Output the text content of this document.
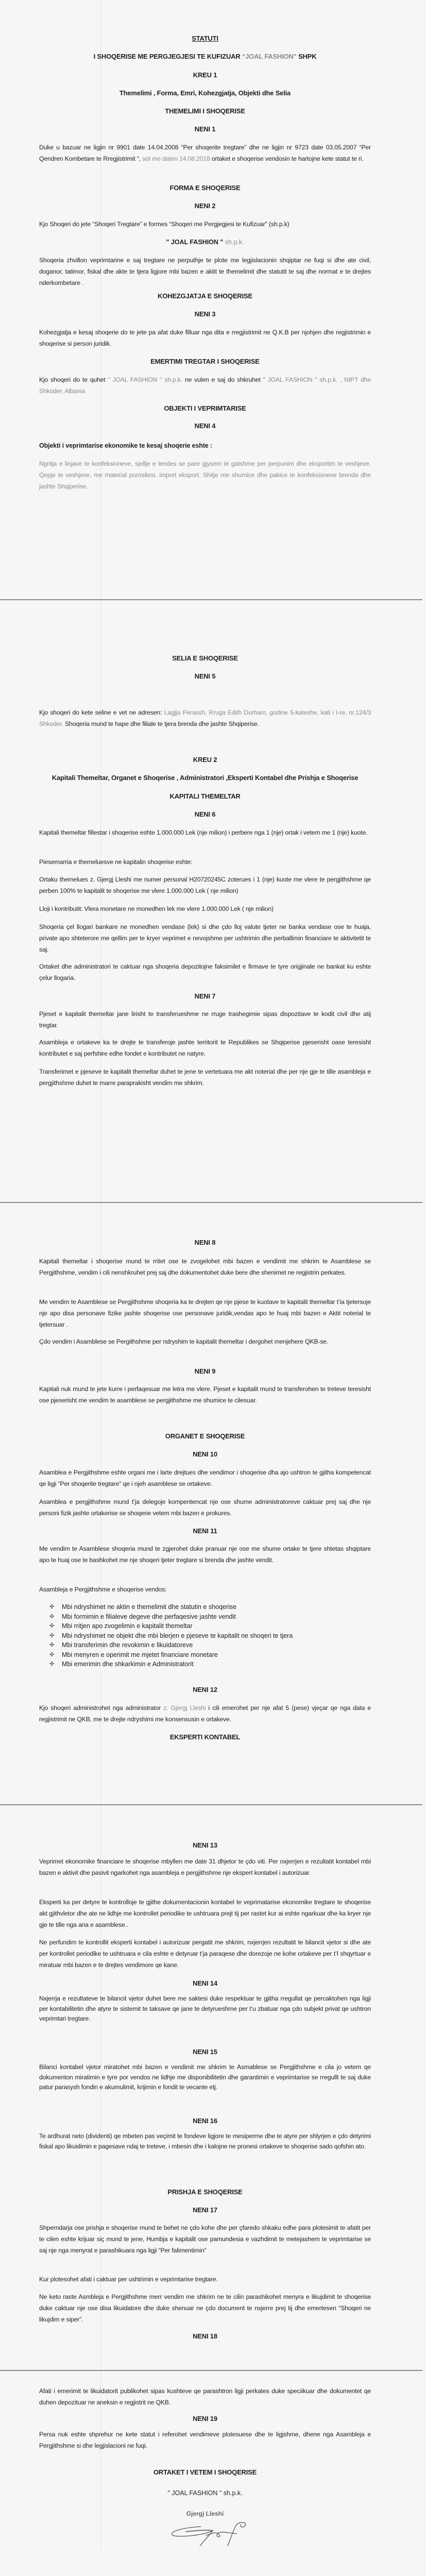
STATUTI
I SHOQERISE ME PERGJEGJESI TE KUFIZUAR “JOAL FASHION" SHPK
KREU 1
Themelimi , Forma, Emri, Kohezgjatja, Objekti dhe Selia
THEMELIMI I SHOQERISE
NENI 1
Duke u bazuar ne ligjin nr 9901 date 14.04.2008 “Per shoqerite tregtare” dhe ne ligjin nr 9723 date 03.05.2007 “Per Qendren Kombetare te Rregjistrimit “, sot me daten 14.08.2018 ortaket e shoqerise vendosin te hartojne kete statut te ri.
FORMA E SHOQERISE
NENI 2
Kjo Shoqeri do jete “Shoqeri Tregtare” e formes “Shoqeri me Pergjegjesi te Kufizuar" (sh.p.k)
" JOAL FASHION " sh.p.k.
Shoqeria zhvillon veprimtarine e saj tregtare ne perputhje te plote me legjislacionin shqiptar ne fuqi si dhe ate civil, doganor, tatimor, fiskal dhe akte te tjera ligjore mbi bazen e aktit te themelimit dhe statutit te saj dhe normat e te drejtes nderkombetare .
KOHEZGJATJA E SHOQERISE
NENI 3
Kohezgjatja e kesaj shoqerie do te jete pa afat duke filluar nga dita e rregjistrimit ne Q.K.B per njohjen dhe regjistrimin e shoqerise si person juridik.
EMERTIMI TREGTAR I SHOQERISE
Kjo shoqeri do te quhet " JOAL FASHION " sh.p.k. ne vulen e saj do shkruhet " JOAL FASHION " sh.p.k. , NIPT dhe Shkoder, Albania
OBJEKTI I VEPRIMTARISE
NENI 4
Objekti i veprimtarise ekonomike te kesaj shoqerie eshte :
Ngritja e linjave te konfeksioneve, sjellje e lendes se pare gjysem te gatshme per perpunim dhe eksportim te veshjeve. Qepje te veshjeve, me material porositesi, import eksport. Shitje me shumice dhe pakice te konfeksioneve brenda dhe jashte Shqiperise.
SELIA E SHOQERISE
NENI 5
Kjo shoqeri do kete seline e vet ne adresen: Lagjja Perassh, Rruga Edith Durham, godine 5-kateshe, kati i I-re, nr.124/3 Shkoder. Shoqeria mund te hape dhe filiale te tjera brenda dhe jashte Shqiperise.
KREU 2
Kapitali Themeltar, Organet e Shoqerise , Administratori ,Eksperti Kontabel dhe Prishja e Shoqerise
KAPITALI THEMELTAR
NENI 6
Kapitali themeltar fillestar i shoqerise eshte 1.000.000 Lek (nje milion) i perbere nga 1 (nje) ortak i vetem me 1 (nje) kuote.
Piesemarria e themeluesve ne kapitalin shoqerise eshte:
Ortaku themelues z. Gjergj Lleshi me numer personal H20720245C zoterues i 1 (nje) kuote me vlere te pergjithshme qe perben 100% te kapitalit te shoqerise me vlere 1.000.000 Lek ( nje milion)
Lloji i kontributit: Vlera monetare ne monedhen lek me vlere 1.000.000 Lek ( nje milion)
Shoqeria çel llogari bankare ne monedhen vendase (lek) si dhe çdo lloj valute tjeter ne banka vendase ose te huaja, private apo shteterore me qellim per te kryer veprimet e nevojshme per ushtrimin dhe perballimin financiare te aktivitetit te saj.
Ortaket dhe administratori te caktuar nga shoqeria depozitojne faksimilet e firmave te tyre origjinale ne bankat ku eshte çelur llogaria.
NENI 7
Pjeset e kapitalit themeltar jane lirisht te transferueshme ne rruge trashegimie sipas dispozitave te kodit civil dhe atij tregtar.
Asambleja e ortakeve ka te drejte te transferoje jashte territorit te Republikes se Shqiperise pjeserisht oase teresisht kontributet e saj perfshire edhe fondet e kontributet ne natyre.
Transferimet e pjeseve te kapitalit themeltar duhet te jene te vertetuara me akt noterial dhe per nje gje te tille asambleja e pergjithshme duhet te marre paraprakisht vendim me shkrim.
NENI 8
Kapitali themeltar i shoqerise mund te rritet ose te zvogelohet mbi bazen e vendimit me shkrim te Asamblese se Pergjithshme, vendim i cili nenshkruhet prej saj dhe dokumentohet duke bere dhe shenimet ne regjistrin perkates.
Me vendim te Asamblese se Pergjithshme shoqeria ka te drejten qe nje pjese te kuotave te kapitalit themeltar t’ia tjetersoje nje apo disa personave fizike jashte shoqerise ose personave juridik,vendas apo te huaj mbi bazen e Aktit noterial te tjetersuar .
Çdo vendim i Asamblese se Pergithshme per ndryshim te kapitalit themeltar i dergohet menjehere QKB-se.
NENI 9
Kapitali nuk mund te jete kurre i perfaqesuar me letra me vlere. Pjeset e kapitalit mund te transferohen te treteve teresisht ose pjeserisht me vendim te asamblese se pergjithshme me shumice te cilesuar.
ORGANET E SHOQERISE
NENI 10
Asamblea e Pergjithshme eshte organi me i larte drejtues dhe vendimor i shoqerise dha ajo ushtron te gjitha kompetencat qe ligji “Per shoqerite tregtare" qe i njeh asamblese se ortakeve.
Asamblea e pergjithshme mund t’ja delegoje kompentencat nje ose shume administratoreve caktuar prej saj dhe nje personi fizik jashte ortakerise se shoqerie vetem mbi bazen e prokures.
NENI 11
Me vendim te Asamblese shoqeria mund te zgjerohet duke pranuar nje ose me shume ortake te tjere shtetas shqiptare apo te huaj ose te bashkohet me nje shoqeri tjeter tregtare si brenda dhe jashte vendit.
Asambleja e Pergjithshme e shoqerise vendos:
✣ Mbi ndryshimet ne aktin e themelimit dhe statutin e shoqerise
✣ Mbi formimin e filialeve degeve dhe perfaqesive jashte vendit
✣ Mbi rritjen apo zvogelimin e kapitalit themeltar
✣ Mbi ndryshimet ne objekt dhe mbi blerjen e pjeseve te kapitalit ne shoqeri te tjera
✣ Mbi transferimin dhe revokimin e likuidatoreve
✣ Mbi menyren e operimit me mjetet financiare monetare
✣ Mbi emerimin dhe shkarkimin e Administratorit
NENI 12
Kjo shoqeri administrohet nga administrator z. Gjergj Lleshi i cili emerohet per nje afat 5 (pese) vjeçar qe nga data e regjistrimit ne QKB, me te drejte ndryshimi me konsensusin e ortakeve.
EKSPERTI KONTABEL
NENI 13
Veprimet ekonomike financiare te shoqerise mbyllen me date 31 dhjetor te çdo viti. Per nxjerrjen e rezultatit kontabel mbi bazen e aktivit dhe pasivit ngarkohet nga asambleja e pergjithshme nje ekspert kontabel i autorizuar.
Eksperti ka per detyre te kontrolloje te gjithe dokumentacionin kontabel te veprimatarise ekonomike tregtare te shoqerise akt gjithvletor dhe ate ne lidhje me kontrollet periodike te ushtruara prejt tij per rastet kur ai eshte ngarkuar dhe ka kryer nje gje te tille nga ana e asamblese..
Ne perfundim te kontrollit eksperti kontabel i autorizuar pergatit me shkrim, nxjerrjen rezultatit te bilancit vjetor si dhe ate per kontrollet periodike te ushtruara e cila eshte e detyruar t’ja paraqese dhe dorezoje ne kohe ortakeve per t’I shqyrtuar e miratuar mbi bazen e te drejtes vendimore qe kane.
NENI 14
Nxjerrja e rezultateve te bilancit vjetor duhet bere me saktesi duke respektuar te gjitha rregullat qe percaktohen nga ligji per kontabilitetin dhe atyre te sistemit te taksave qe jane te detyrueshme per t’u zbatuar nga çdo subjekt privat qe ushtron veprimtari tregtare.
NENI 15
Bilanci kontabel vjetor miratohet mbi bazen e vendimit me shkrim te Asmablese se Pergjithshme e cila jo vetem qe dokumenton miratimin e tyre por vendos ne lidhje me disponibilitetin dhe garantimin e veprimtarise se rregullt te saj duke patur parasysh fondin e akumulimit, krijimin e fondit te vecante etj.
NENI 16
Te ardhurat neto (dividenti) qe mbeten pas veçimit te fondeve ligjore te mesiperme dhe te atyre per shlyrjen e çdo detyrimi fiskal apo likuidimin e pagesave ndaj te treteve, i mbesin dhe i kalojne ne pronesi ortakeve te shoqerise sado qofshin ato.
PRISHJA E SHOQERISE
NENI 17
Shperndarja ose prishja e shoqerise mund te behet ne çdo kohe dhe per çfaredo shkaku edhe para plotesimit te afatit per te cilen eshte krijuar siç mund te jene, Humbja e kapitalit ose pamundesia e vazhdimit te metejashem te veprimtarise se saj nje nga menyrat e parashikuara nga ligji “Per falimentimin”
Kur plotesohet afati i caktuar per ushtrimin e veprimtarise tregtare.
Ne keto raste Asmbleja e Pergjithshme merr vendim me shkrim ne te cilin parashikohet menyra e likujdimit te shoqerise duke caktuar nje ose disa likuidatore dhe duke shenuar ne çdo document te nxjerre prej tij dhe emertesen “Shoqeri ne likujdim e siper”.
NENI 18
Afati i emerimit te likuidatorit publikohet sipas kushteve qe parashtron ligji perkates duke speciikuar dhe dokumentet qe duhen depozituar ne aneksin e regjistrit ne QKB.
NENI 19
Persa nuk eshte shprehur ne kete statut i referohet vendimeve plotesuese dhe te ligjshme, dhene nga Asambleja e Pergjithshme si dhe legjislacioni ne fuqi.
ORTAKET I VETEM I SHOQERISE
" JOAL FASHION " sh.p.k.
Gjergj Lleshi
